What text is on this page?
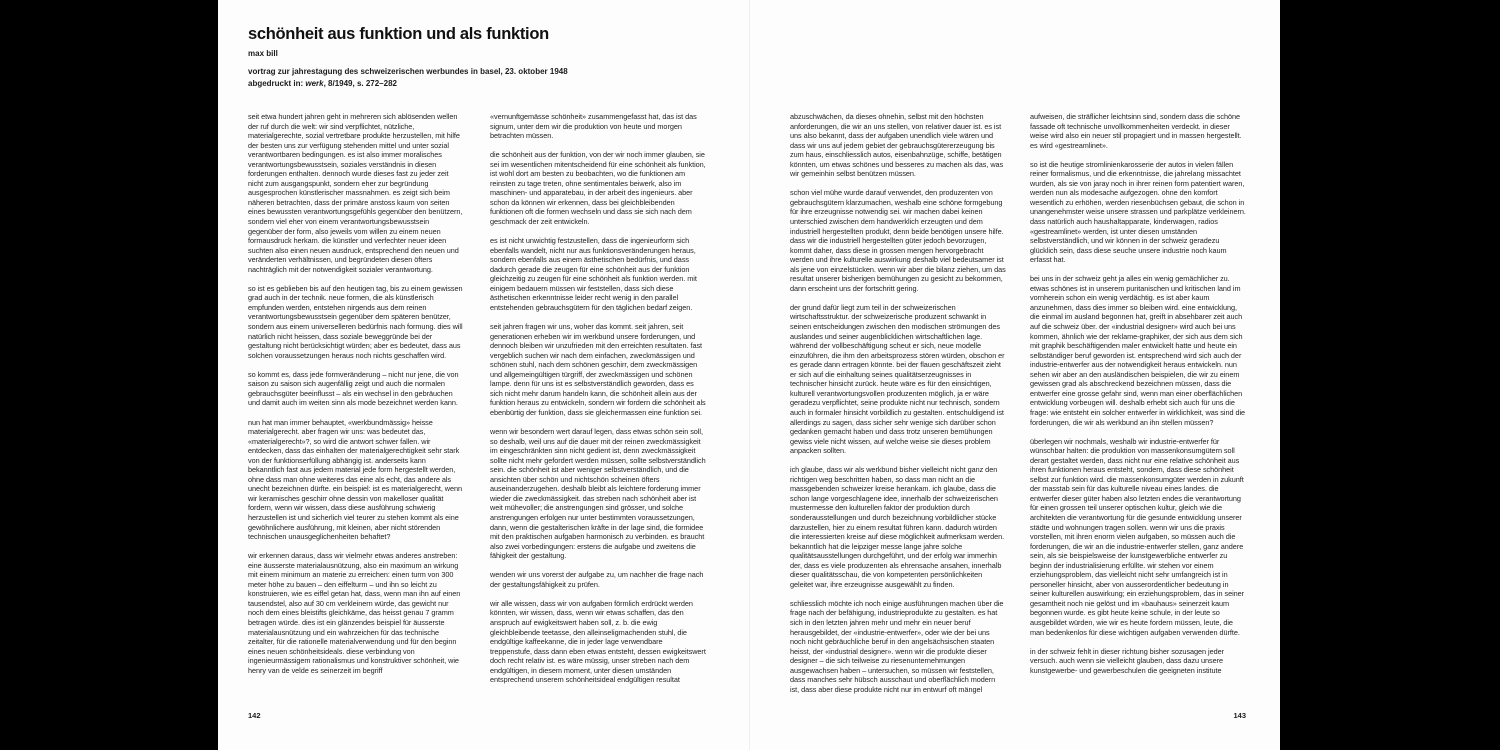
schönheit aus funktion und als funktion
max bill
vortrag zur jahrestagung des schweizerischen werbundes in basel, 23. oktober 1948
abgedruckt in: werk, 8/1949, s. 272–282

seit etwa hundert jahren geht in mehreren sich ablösenden wellen der ruf durch die welt: wir sind verpflichtet, nützliche, materialgerechte, sozial vertretbare produkte herzustellen, mit hilfe der besten uns zur verfügung stehenden mittel und unter sozial verantwortbaren bedingungen. es ist also immer moralisches verantwortungsbewusstsein, soziales verständnis in diesen forderungen enthalten. dennoch wurde dieses fast zu jeder zeit nicht zum ausgangspunkt, sondern eher zur begründung ausgesprochen künstlerischer massnahmen. es zeigt sich beim näheren betrachten, dass der primäre anstoss kaum von seiten eines bewussten verantwortungsgefühls gegenüber den benützern, sondern viel eher von einem verantwortungsbewusstsein gegenüber der form, also jeweils vom willen zu einem neuen formausdruck herkam. die künstler und verfechter neuer ideen suchten also einen neuen ausdruck, entsprechend den neuen und veränderten verhältnissen, und begründeten diesen öfters nachträglich mit der notwendigkeit sozialer verantwortung.

so ist es geblieben bis auf den heutigen tag, bis zu einem gewissen grad auch in der technik. neue formen, die als künstlerisch empfunden werden, entstehen nirgends aus dem reinen verantwortungsbewusstsein gegenüber dem späteren benützer, sondern aus einem universelleren bedürfnis nach formung. dies will natürlich nicht heissen, dass soziale beweggründe bei der gestaltung nicht berücksichtigt würden; aber es bedeutet, dass aus solchen voraussetzungen heraus noch nichts geschaffen wird.

so kommt es, dass jede formveränderung – nicht nur jene, die von saison zu saison sich augenfällig zeigt und auch die normalen gebrauchsgüter beeinflusst – als ein wechsel in den gebräuchen und damit auch im weiten sinn als mode bezeichnet werden kann.

nun hat man immer behauptet, «werkbundmässig» heisse materialgerecht. aber fragen wir uns: was bedeutet das, «materialgerecht»?, so wird die antwort schwer fallen. wir entdecken, dass das einhalten der materialgerechtigkeit sehr stark von der funktionserfüllung abhängig ist. anderseits kann bekanntlich fast aus jedem material jede form hergestellt werden, ohne dass man ohne weiteres das eine als echt, das andere als unecht bezeichnen dürfte. ein beispiel: ist es materialgerecht, wenn wir keramisches geschirr ohne dessin von makelloser qualität fordern, wenn wir wissen, dass diese ausführung schwierig herzustellen ist und sicherlich viel teurer zu stehen kommt als eine gewöhnlichere ausführung, mit kleinen, aber nicht störenden technischen unausgeglichenheiten behaftet?

wir erkennen daraus, dass wir vielmehr etwas anderes anstreben: eine äusserste materialausnützung, also ein maximum an wirkung mit einem minimum an materie zu erreichen: einen turm von 300 meter höhe zu bauen – den eiffelturm – und ihn so leicht zu konstruieren, wie es eiffel getan hat, dass, wenn man ihn auf einen tausendstel, also auf 30 cm verkleinern würde, das gewicht nur noch dem eines bleistifts gleichkäme, das heisst genau 7 gramm betragen würde. dies ist ein glänzendes beispiel für äusserste materialausnützung und ein wahrzeichen für das technische zeitalter, für die rationelle materialverwendung und für den beginn eines neuen schönheitsideals. diese verbindung von ingenieurmässigem rationalismus und konstruktiver schönheit, wie henry van de velde es seinerzeit im begriff

«vernunftgemässe schönheit» zusammengefasst hat, das ist das signum, unter dem wir die produktion von heute und morgen betrachten müssen.

die schönheit aus der funktion, von der wir noch immer glauben, sie sei im wesentlichen mitentscheidend für eine schönheit als funktion, ist wohl dort am besten zu beobachten, wo die funktionen am reinsten zu tage treten, ohne sentimentales beiwerk, also im maschinen- und apparatebau, in der arbeit des ingenieurs. aber schon da können wir erkennen, dass bei gleichbleibenden funktionen oft die formen wechseln und dass sie sich nach dem geschmack der zeit entwickeln.

es ist nicht unwichtig festzustellen, dass die ingenieurform sich ebenfalls wandelt, nicht nur aus funktionsveränderungen heraus, sondern ebenfalls aus einem ästhetischen bedürfnis, und dass dadurch gerade die zeugen für eine schönheit aus der funktion gleichzeitig zu zeugen für eine schönheit als funktion werden. mit einigem bedauern müssen wir feststellen, dass sich diese ästhetischen erkenntnisse leider recht wenig in den parallel entstehenden gebrauchsgütern für den täglichen bedarf zeigen.

seit jahren fragen wir uns, woher das kommt. seit jahren, seit generationen erheben wir im werkbund unsere forderungen, und dennoch bleiben wir unzufrieden mit den erreichten resultaten. fast vergeblich suchen wir nach dem einfachen, zweckmässigen und schönen stuhl, nach dem schönen geschirr, dem zweckmässigen und allgemeingültigen türgriff, der zweckmässigen und schönen lampe. denn für uns ist es selbstverständlich geworden, dass es sich nicht mehr darum handeln kann, die schönheit allein aus der funktion heraus zu entwickeln, sondern wir fordern die schönheit als ebenbürtig der funktion, dass sie gleichermassen eine funktion sei.

wenn wir besondern wert darauf legen, dass etwas schön sein soll, so deshalb, weil uns auf die dauer mit der reinen zweckmässigkeit im eingeschränkten sinn nicht gedient ist, denn zweckmässigkeit sollte nicht mehr gefordert werden müssen, sollte selbstverständlich sein. die schönheit ist aber weniger selbstverständlich, und die ansichten über schön und nichtschön scheinen öfters auseinanderzugehen. deshalb bleibt als leichtere forderung immer wieder die zweckmässigkeit. das streben nach schönheit aber ist weit mühevoller; die anstrengungen sind grösser, und solche anstrengungen erfolgen nur unter bestimmten voraussetzungen, dann, wenn die gestalterischen kräfte in der lage sind, die formidee mit den praktischen aufgaben harmonisch zu verbinden. es braucht also zwei vorbedingungen: erstens die aufgabe und zweitens die fähigkeit der gestaltung.

wenden wir uns vorerst der aufgabe zu, um nachher die frage nach der gestaltungsfähigkeit zu prüfen.

wir alle wissen, dass wir von aufgaben förmlich erdrückt werden könnten, wir wissen, dass, wenn wir etwas schaffen, das den anspruch auf ewigkeitswert haben soll, z. b. die ewig gleichbleibende teetasse, den alleinseligmachenden stuhl, die endgültige kaffeekanne, die in jeder lage verwendbare treppenstufe, dass dann eben etwas entsteht, dessen ewigkeitswert doch recht relativ ist. es wäre müssig, unser streben nach dem endgültigen, in diesem moment, unter diesen umständen entsprechend unserem schönheitsideal endgültigen resultat

abzuschwächen, da dieses ohnehin, selbst mit den höchsten anforderungen, die wir an uns stellen, von relativer dauer ist. es ist uns also bekannt, dass der aufgaben unendlich viele wären und dass wir uns auf jedem gebiet der gebrauchsgütererzeugung bis zum haus, einschliesslich autos, eisenbahnzüge, schiffe, betätigen könnten, um etwas schönes und besseres zu machen als das, was wir gemeinhin selbst benützen müssen.

schon viel mühe wurde darauf verwendet, den produzenten von gebrauchsgütern klarzumachen, weshalb eine schöne formgebung für ihre erzeugnisse notwendig sei. wir machen dabei keinen unterschied zwischen dem handwerklich erzeugten und dem industriell hergestellten produkt, denn beide benötigen unsere hilfe. dass wir die industriell hergestellten güter jedoch bevorzugen, kommt daher, dass diese in grossen mengen hervorgebracht werden und ihre kulturelle auswirkung deshalb viel bedeutsamer ist als jene von einzelstücken. wenn wir aber die bilanz ziehen, um das resultat unserer bisherigen bemühungen zu gesicht zu bekommen, dann erscheint uns der fortschritt gering.

der grund dafür liegt zum teil in der schweizerischen wirtschaftsstruktur. der schweizerische produzent schwankt in seinen entscheidungen zwischen den modischen strömungen des auslandes und seiner augenblicklichen wirtschaftlichen lage. während der vollbeschäftigung scheut er sich, neue modelle einzuführen, die ihm den arbeitsprozess stören würden, obschon er es gerade dann ertragen könnte. bei der flauen geschäftszeit zieht er sich auf die einhaltung seines qualitätserzeugnisses in technischer hinsicht zurück. heute wäre es für den einsichtigen, kulturell verantwortungsvollen produzenten möglich, ja er wäre geradezu verpflichtet, seine produkte nicht nur technisch, sondern auch in formaler hinsicht vorbildlich zu gestalten. entschuldigend ist allerdings zu sagen, dass sicher sehr wenige sich darüber schon gedanken gemacht haben und dass trotz unseren bemühungen gewiss viele nicht wissen, auf welche weise sie dieses problem anpacken sollten.

ich glaube, dass wir als werkbund bisher vielleicht nicht ganz den richtigen weg beschritten haben, so dass man nicht an die massgebenden schweizer kreise herankam. ich glaube, dass die schon lange vorgeschlagene idee, innerhalb der schweizerischen mustermesse den kulturellen faktor der produktion durch sonderausstellungen und durch bezeichnung vorbildlicher stücke darzustellen, hier zu einem resultat führen kann. dadurch würden die interessierten kreise auf diese möglichkeit aufmerksam werden. bekanntlich hat die leipziger messe lange jahre solche qualitätsausstellungen durchgeführt, und der erfolg war immerhin der, dass es viele produzenten als ehrensache ansahen, innerhalb dieser qualitätsschau, die von kompetenten persönlichkeiten geleitet war, ihre erzeugnisse ausgewählt zu finden.

schliesslich möchte ich noch einige ausführungen machen über die frage nach der befähigung, industrieprodukte zu gestalten. es hat sich in den letzten jahren mehr und mehr ein neuer beruf herausgebildet, der «industrie-entwerfer», oder wie der bei uns noch nicht gebräuchliche beruf in den angelsächsischen staaten heisst, der «industrial designer». wenn wir die produkte dieser designer – die sich teilweise zu riesenunternehmungen ausgewachsen haben – untersuchen, so müssen wir feststellen, dass manches sehr hübsch ausschaut und oberflächlich modern ist, dass aber diese produkte nicht nur im entwurf oft mängel

aufweisen, die sträflicher leichtsinn sind, sondern dass die schöne fassade oft technische unvollkommenheiten verdeckt. in dieser weise wird also ein neuer stil propagiert und in massen hergestellt. es wird «gestreamlinet».

so ist die heutige stromlinienkarosserie der autos in vielen fällen reiner formalismus, und die erkenntnisse, die jahrelang missachtet wurden, als sie von jaray noch in ihrer reinen form patentiert waren, werden nun als modesache aufgezogen. ohne den komfort wesentlich zu erhöhen, werden riesenbüchsen gebaut, die schon in unangenehmster weise unsere strassen und parkplätze verkleinern. dass natürlich auch haushaltapparate, kinderwagen, radios «gestreamlinet» werden, ist unter diesen umständen selbstverständlich, und wir können in der schweiz geradezu glücklich sein, dass diese seuche unsere industrie noch kaum erfasst hat.

bei uns in der schweiz geht ja alles ein wenig gemächlicher zu. etwas schönes ist in unserem puritanischen und kritischen land im vornherein schon ein wenig verdächtig. es ist aber kaum anzunehmen, dass dies immer so bleiben wird. eine entwicklung, die einmal im ausland begonnen hat, greift in absehbarer zeit auch auf die schweiz über. der «industrial designer» wird auch bei uns kommen, ähnlich wie der reklame-graphiker, der sich aus dem sich mit graphik beschäftigenden maler entwickelt hatte und heute ein selbständiger beruf geworden ist. entsprechend wird sich auch der industrie-entwerfer aus der notwendigkeit heraus entwickeln. nun sehen wir aber an den ausländischen beispielen, die wir zu einem gewissen grad als abschreckend bezeichnen müssen, dass die entwerfer eine grosse gefahr sind, wenn man einer oberflächlichen entwicklung vorbeugen will. deshalb erhebt sich auch für uns die frage: wie entsteht ein solcher entwerfer in wirklichkeit, was sind die forderungen, die wir als werkbund an ihn stellen müssen?

überlegen wir nochmals, weshalb wir industrie-entwerfer für wünschbar halten: die produktion von massenkonsumgütern soll derart gestaltet werden, dass nicht nur eine relative schönheit aus ihren funktionen heraus entsteht, sondern, dass diese schönheit selbst zur funktion wird. die massenkonsumgüter werden in zukunft der masstab sein für das kulturelle niveau eines landes. die entwerfer dieser güter haben also letzten endes die verantwortung für einen grossen teil unserer optischen kultur, gleich wie die architekten die verantwortung für die gesunde entwicklung unserer städte und wohnungen tragen sollen. wenn wir uns die praxis vorstellen, mit ihren enorm vielen aufgaben, so müssen auch die forderungen, die wir an die industrie-entwerfer stellen, ganz andere sein, als sie beispielsweise der kunstgewerbliche entwerfer zu beginn der industrialisierung erfüllte. wir stehen vor einem erziehungsproblem, das vielleicht nicht sehr umfangreich ist in personeller hinsicht, aber von ausserordentlicher bedeutung in seiner kulturellen auswirkung; ein erziehungsproblem, das in seiner gesamtheit noch nie gelöst und im «bauhaus» seinerzeit kaum begonnen wurde. es gibt heute keine schule, in der leute so ausgebildet würden, wie wir es heute fordern müssen, leute, die man bedenkenlos für diese wichtigen aufgaben verwenden dürfte.

in der schweiz fehlt in dieser richtung bisher sozusagen jeder versuch. auch wenn sie vielleicht glauben, dass dazu unsere kunstgewerbe- und gewerbeschulen die geeigneten institute

142	143
